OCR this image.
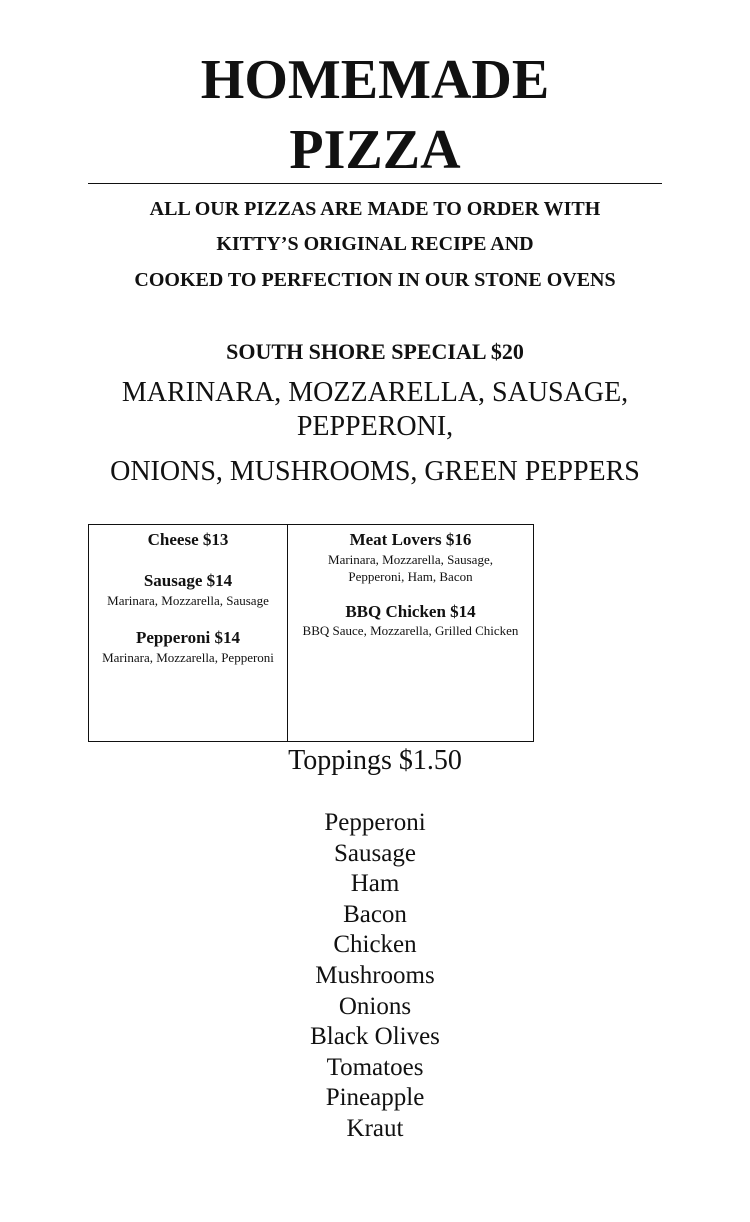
HOMEMADE
PIZZA
ALL OUR PIZZAS ARE MADE TO ORDER WITH
KITTY’S ORIGINAL RECIPE AND
COOKED TO PERFECTION IN OUR STONE OVENS
SOUTH SHORE SPECIAL $20
MARINARA, MOZZARELLA, SAUSAGE,
PEPPERONI,
ONIONS, MUSHROOMS, GREEN PEPPERS
Cheese $13
Sausage $14
Marinara, Mozzarella, Sausage
Pepperoni $14
Marinara, Mozzarella, Pepperoni
Meat Lovers $16
Marinara, Mozzarella, Sausage,
Pepperoni, Ham, Bacon
BBQ Chicken $14
BBQ Sauce, Mozzarella, Grilled Chicken
Toppings $1.50
Pepperoni
Sausage
Ham
Bacon
Chicken
Mushrooms
Onions
Black Olives
Tomatoes
Pineapple
Kraut
